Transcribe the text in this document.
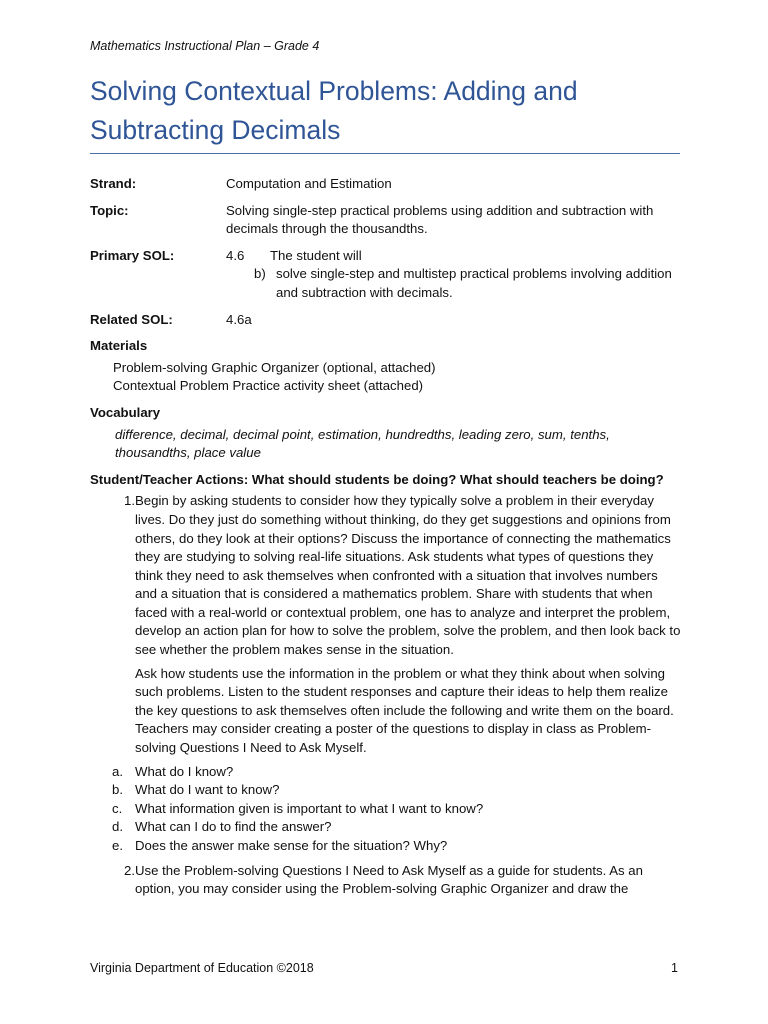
Mathematics Instructional Plan – Grade 4
Solving Contextual Problems: Adding and Subtracting Decimals
Strand:	Computation and Estimation
Topic:	Solving single-step practical problems using addition and subtraction with decimals through the thousandths.
Primary SOL:	4.6 The student will
b) solve single-step and multistep practical problems involving addition and subtraction with decimals.
Related SOL:	4.6a
Materials
Problem-solving Graphic Organizer (optional, attached)
Contextual Problem Practice activity sheet (attached)
Vocabulary
difference, decimal, decimal point, estimation, hundredths, leading zero, sum, tenths, thousandths, place value
Student/Teacher Actions: What should students be doing? What should teachers be doing?
1. Begin by asking students to consider how they typically solve a problem in their everyday lives. Do they just do something without thinking, do they get suggestions and opinions from others, do they look at their options? Discuss the importance of connecting the mathematics they are studying to solving real-life situations. Ask students what types of questions they think they need to ask themselves when confronted with a situation that involves numbers and a situation that is considered a mathematics problem. Share with students that when faced with a real-world or contextual problem, one has to analyze and interpret the problem, develop an action plan for how to solve the problem, solve the problem, and then look back to see whether the problem makes sense in the situation.

Ask how students use the information in the problem or what they think about when solving such problems. Listen to the student responses and capture their ideas to help them realize the key questions to ask themselves often include the following and write them on the board. Teachers may consider creating a poster of the questions to display in class as Problem-solving Questions I Need to Ask Myself.

a. What do I know?
b. What do I want to know?
c. What information given is important to what I want to know?
d. What can I do to find the answer?
e. Does the answer make sense for the situation? Why?
2. Use the Problem-solving Questions I Need to Ask Myself as a guide for students. As an option, you may consider using the Problem-solving Graphic Organizer and draw the

Virginia Department of Education ©2018	1
